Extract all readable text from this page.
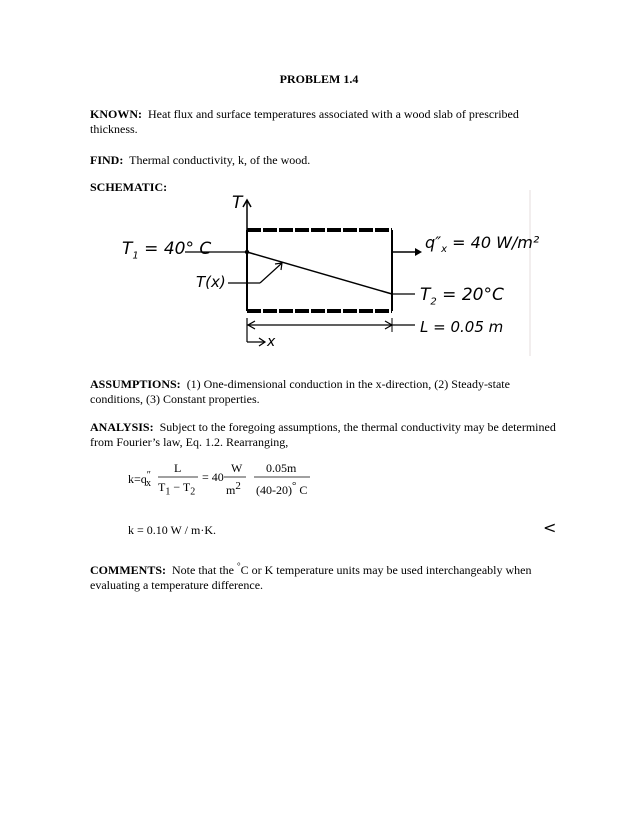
PROBLEM 1.4
KNOWN: Heat flux and surface temperatures associated with a wood slab of prescribed thickness.
FIND: Thermal conductivity, k, of the wood.
SCHEMATIC:
T
$T_1 = 40^\circ$ C
T(x)
$q''_x = 40$ W/m²
$T_2 = 20^\circ C$
L = 0.05 m
x
ASSUMPTIONS: (1) One-dimensional conduction in the x-direction, (2) Steady-state conditions, (3) Constant properties.
ANALYSIS: Subject to the foregoing assumptions, the thermal conductivity may be determined from Fourier’s law, Eq. 1.2. Rearranging,
$k=q''_x$
L
$T_1 - T_2$
= 40
W
$m^2$
0.05m
(40-20)° C
k = 0.10 W / m·K.	<
COMMENTS: Note that the °C or K temperature units may be used interchangeably when evaluating a temperature difference.
